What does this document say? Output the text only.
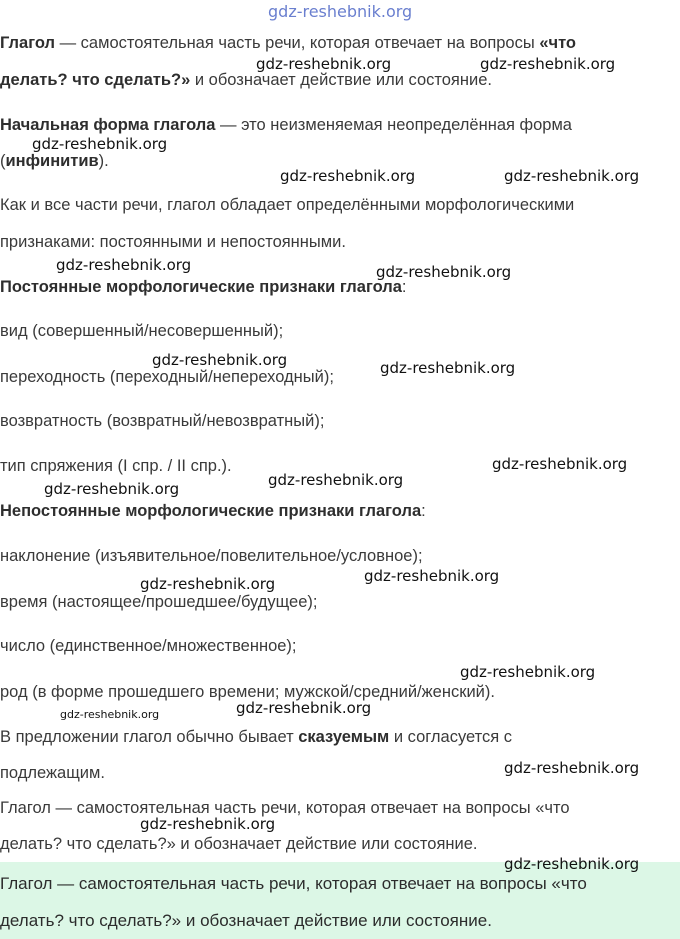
gdz-reshebnik.org
Глагол — самостоятельная часть речи, которая отвечает на вопросы «что
делать? что сделать?» и обозначает действие или состояние.
Начальная форма глагола — это неизменяемая неопределённая форма
(инфинитив).
Как и все части речи, глагол обладает определёнными морфологическими
признаками: постоянными и непостоянными.
Постоянные морфологические признаки глагола:
вид (совершенный/несовершенный);
переходность (переходный/непереходный);
возвратность (возвратный/невозвратный);
тип спряжения (I спр. / II спр.).
Непостоянные морфологические признаки глагола:
наклонение (изъявительное/повелительное/условное);
время (настоящее/прошедшее/будущее);
число (единственное/множественное);
род (в форме прошедшего времени; мужской/средний/женский).
В предложении глагол обычно бывает сказуемым и согласуется с
подлежащим.
Глагол — самостоятельная часть речи, которая отвечает на вопросы «что
делать? что сделать?» и обозначает действие или состояние.
Глагол — самостоятельная часть речи, которая отвечает на вопросы «что
делать? что сделать?» и обозначает действие или состояние.
gdz-reshebnik.org	gdz-reshebnik.org
gdz-reshebnik.org
gdz-reshebnik.org	gdz-reshebnik.org
gdz-reshebnik.org	gdz-reshebnik.org
gdz-reshebnik.org	gdz-reshebnik.org
gdz-reshebnik.org
gdz-reshebnik.org
gdz-reshebnik.org
gdz-reshebnik.org
gdz-reshebnik.org
gdz-reshebnik.org
gdz-reshebnik.org
gdz-reshebnik.org
gdz-reshebnik.org
gdz-reshebnik.org
gdz-reshebnik.org
